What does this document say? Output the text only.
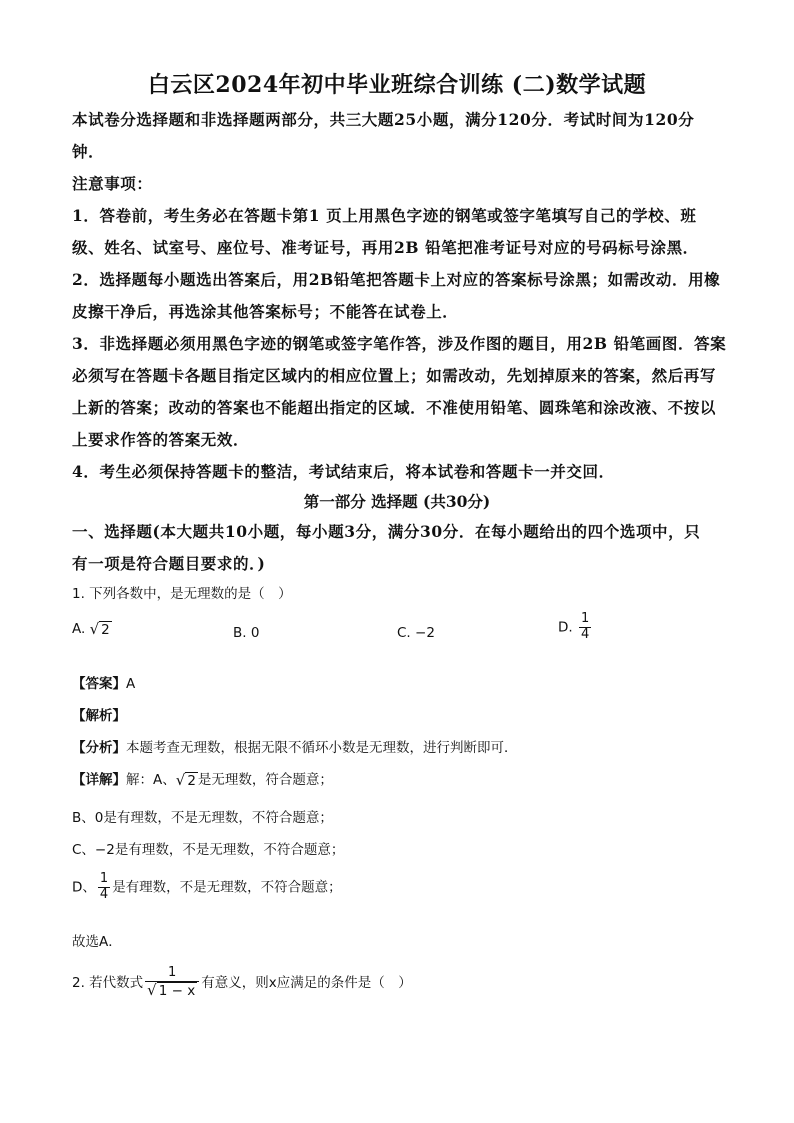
白云区2024年初中毕业班综合训练 (二)数学试题
本试卷分选择题和非选择题两部分，共三大题25小题，满分120分．考试时间为120分
钟．
注意事项：
1．答卷前，考生务必在答题卡第1 页上用黑色字迹的钢笔或签字笔填写自己的学校、班
级、姓名、试室号、座位号、准考证号，再用2B 铅笔把准考证号对应的号码标号涂黑．
2．选择题每小题选出答案后，用2B铅笔把答题卡上对应的答案标号涂黑；如需改动．用橡
皮擦干净后，再选涂其他答案标号；不能答在试卷上．
3．非选择题必须用黑色字迹的钢笔或签字笔作答，涉及作图的题目，用2B 铅笔画图．答案
必须写在答题卡各题目指定区域内的相应位置上；如需改动，先划掉原来的答案，然后再写
上新的答案；改动的答案也不能超出指定的区域．不准使用铅笔、圆珠笔和涂改液、不按以
上要求作答的答案无效．
4．考生必须保持答题卡的整洁，考试结束后，将本试卷和答题卡一并交回．
第一部分 选择题 (共30分)
一、选择题(本大题共10小题，每小题3分，满分30分．在每小题给出的四个选项中，只
有一项是符合题目要求的．)
1. 下列各数中，是无理数的是（　）
A. √ 2	B. 0	C. −2	D. $\frac{1}{4}$
【答案】A
【解析】
【分析】本题考查无理数，根据无限不循环小数是无理数，进行判断即可．
【详解】解：A、√ 2 是无理数，符合题意；
B、0是有理数，不是无理数，不符合题意；
C、−2是有理数，不是无理数，不符合题意；
D、 $\frac{1}{4}$ 是有理数，不是无理数，不符合题意；
故选A．
2. 若代数式 $\frac{1}{√ 1 - x}$ 有意义，则x应满足的条件是（　）
